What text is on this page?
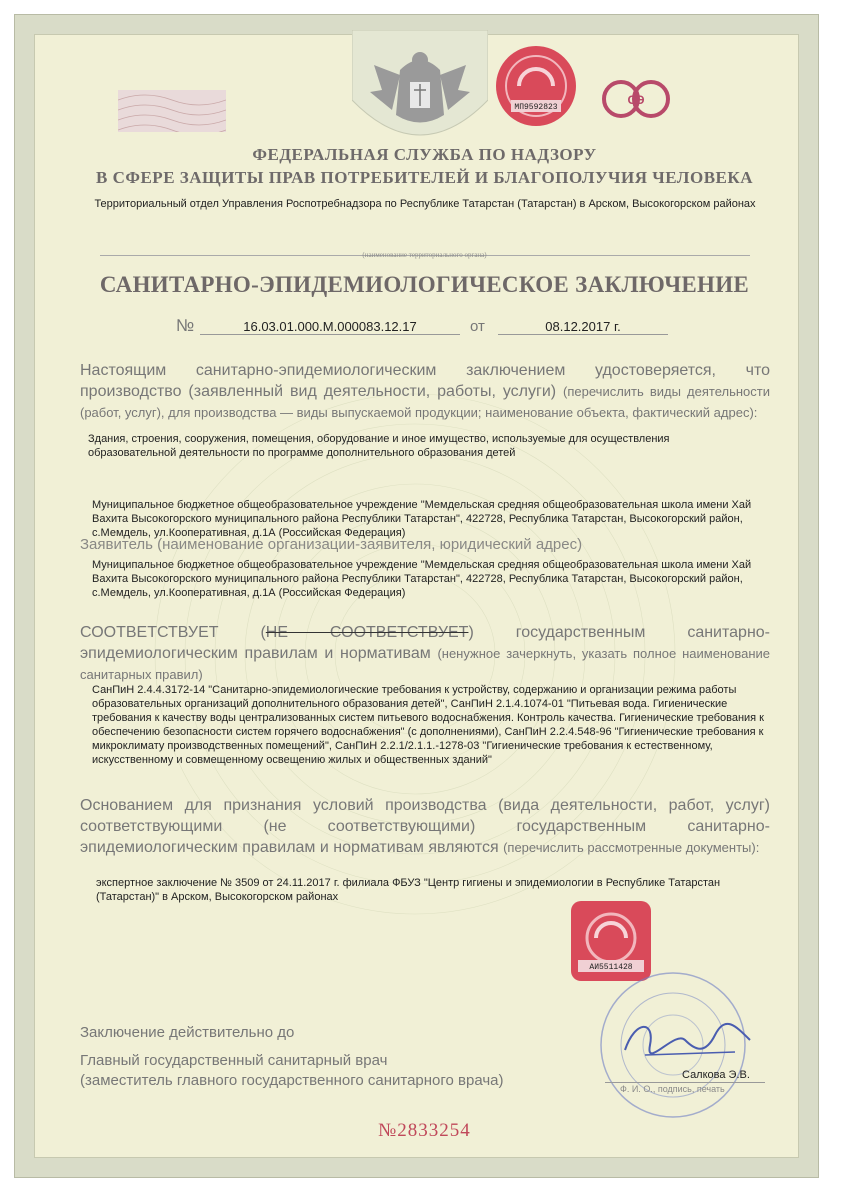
MП9592823
СЭ

ФЕДЕРАЛЬНАЯ СЛУЖБА ПО НАДЗОРУ

В СФЕРЕ ЗАЩИТЫ ПРАВ ПОТРЕБИТЕЛЕЙ И БЛАГОПОЛУЧИЯ ЧЕЛОВЕКА

Территориальный отдел Управления Роспотребнадзора по Республике Татарстан (Татарстан) в Арском, Высокогорском районах

(наименование территориального органа)

САНИТАРНО-ЭПИДЕМИОЛОГИЧЕСКОЕ ЗАКЛЮЧЕНИЕ

№	16.03.01.000.М.000083.12.17	от	08.12.2017 г.

Настоящим санитарно-эпидемиологическим заключением удостоверяется, что производство (заявленный вид деятельности, работы, услуги) (перечислить виды деятельности (работ, услуг), для производства — виды выпускаемой продукции; наименование объекта, фактический адрес):

Здания, строения, сооружения, помещения, оборудование и иное имущество, используемые для осуществления образовательной деятельности по программе дополнительного образования детей

Муниципальное бюджетное общеобразовательное учреждение "Мемдельская средняя общеобразовательная школа имени Хай Вахита Высокогорского муниципального района Республики Татарстан", 422728, Республика Татарстан, Высокогорский район, с.Мемдель, ул.Кооперативная, д.1А (Российская Федерация)

Заявитель (наименование организации-заявителя, юридический адрес)

Муниципальное бюджетное общеобразовательное учреждение "Мемдельская средняя общеобразовательная школа имени Хай Вахита Высокогорского муниципального района Республики Татарстан", 422728, Республика Татарстан, Высокогорский район, с.Мемдель, ул.Кооперативная, д.1А (Российская Федерация)

СООТВЕТСТВУЕТ	(НЕ СООТВЕТСТВУЕТ)	государственным санитарно-эпидемиологическим правилам и нормативам (ненужное зачеркнуть, указать полное наименование санитарных правил)

СанПиН 2.4.4.3172-14 "Санитарно-эпидемиологические требования к устройству, содержанию и организации режима работы образовательных организаций дополнительного образования детей", СанПиН 2.1.4.1074-01 "Питьевая вода. Гигиенические требования к качеству воды централизованных систем питьевого водоснабжения. Контроль качества. Гигиенические требования к обеспечению безопасности систем горячего водоснабжения" (с дополнениями), СанПиН 2.2.4.548-96 "Гигиенические требования к микроклимату производственных помещений", СанПиН 2.2.1/2.1.1.-1278-03 "Гигиенические требования к естественному, искусственному и совмещенному освещению жилых и общественных зданий"

Основанием для признания условий производства (вида деятельности, работ, услуг) соответствующими (не соответствующими) государственным санитарно-эпидемиологическим правилам и нормативам являются (перечислить рассмотренные документы):

экспертное заключение № 3509 от 24.11.2017 г. филиала ФБУЗ "Центр гигиены и эпидемиологии в Республике Татарстан (Татарстан)" в Арском, Высокогорском районах

АИ5511428

Заключение действительно до

Главный государственный санитарный врач

(заместитель главного государственного санитарного врача)	Салкова Э.В.

Ф. И. О., подпись, печать

№2833254
